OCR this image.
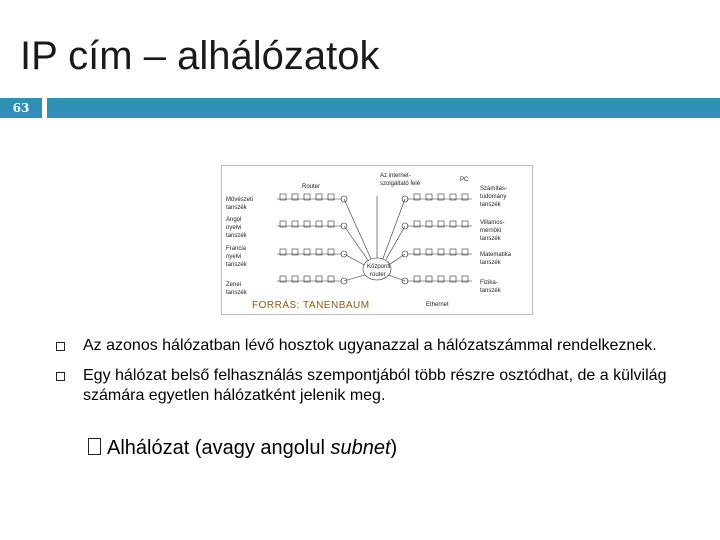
IP cím – alhálózatok
63
Router
Az internet-
szolgáltató felé
PC
Művészeti
tanszék
Angol
nyelvi
tanszék
Francia
nyelvi
tanszék
Zenei
tanszék
Számítás-
tudomány
tanszék
Villamos-
mérnöki
tanszék
Matematika
tanszék
Fizika-
tanszék
Központi
router
Ethernet
FORRÁS: TANENBAUM
Az azonos hálózatban lévő hosztok ugyanazzal a hálózatszámmal rendelkeznek.
Egy hálózat belső felhasználás szempontjából több részre osztódhat, de a külvilág számára egyetlen hálózatként jelenik meg.
Alhálózat (avagy angolul subnet)
